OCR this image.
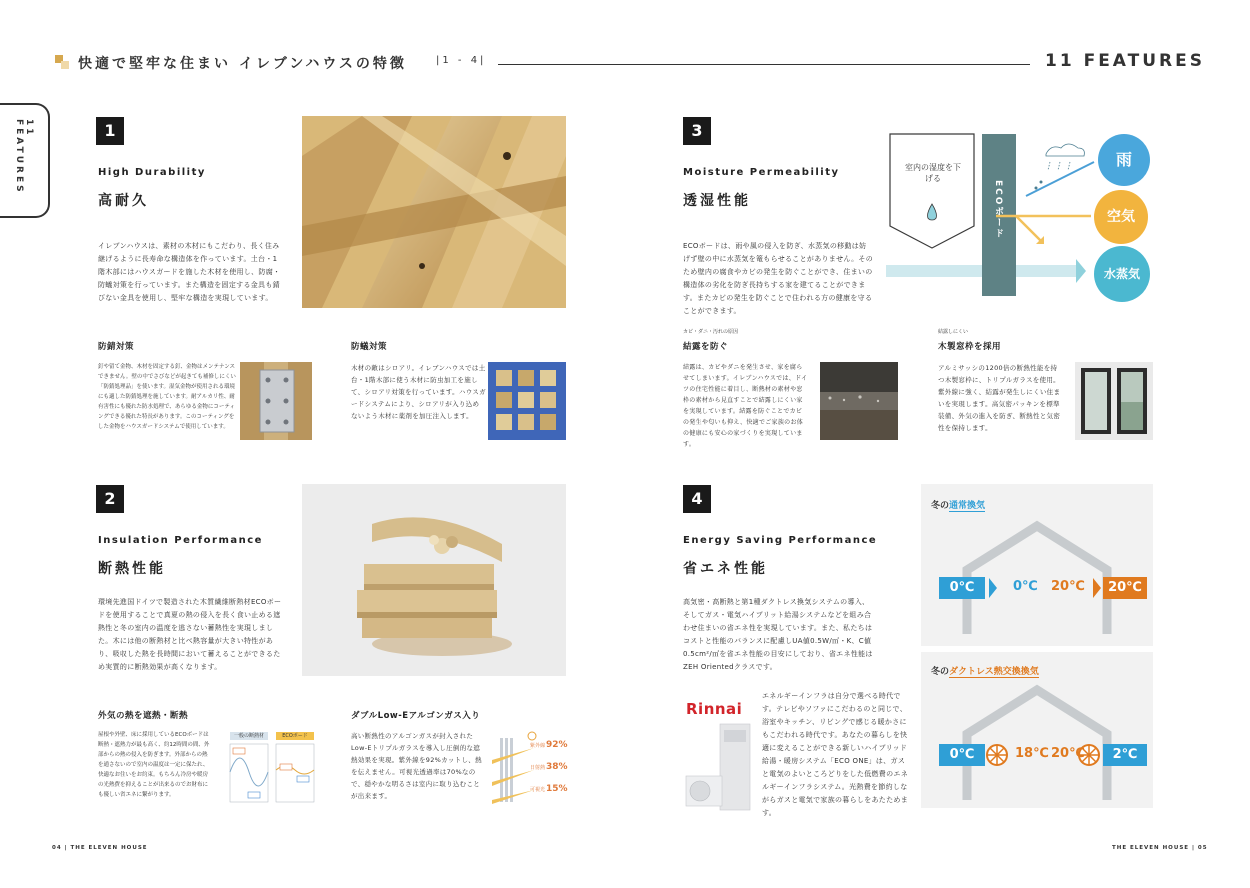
快適で堅牢な住まい イレブンハウスの特徴	|1 - 4|	11 FEATURES
11 FEATURES	1
High Durability
高耐久
イレブンハウスは、素材の木材にもこだわり、長く住み継げるように長寿命な構造体を作っています。土台・1階木部にはハウスガードを施した木材を使用し、防腐・防蟻対策を行っています。また構造を固定する金具も錆びない金具を使用し、堅牢な構造を実現しています。
防錆対策
釘や留て金物、木材を固定する釘、金物はメンテナンスできません。壁の中でさびなどが起きても補修しにくい「防錆処理品」を使います。湿気金物が使用される環境にも適した防錆処理を施しています。耐アルカリ性、耐有害性にも優れた防水処理で、あらゆる金物にコーティングできる優れた特長があります。このコーティングをした金物をハウスガードシステムで使用しています。
防蟻対策
木材の敵はシロアリ。イレブンハウスでは土台・1階木部に使う木材に防虫加工を施して、シロアリ対策を行っています。ハウスガードシステムにより、シロアリが入り込めないよう木材に薬剤を加圧注入します。
2
Insulation Performance
断熱性能
環境先進国ドイツで製造された木質繊維断熱材ECOボードを使用することで真夏の熱の侵入を長く食い止める遮熱性と冬の室内の温度を逃さない蓄熱性を実現しました。木には他の断熱材と比べ熱容量が大きい特性があり、吸収した熱を長時間において蓄えることができるため実質的に断熱効果が高くなります。
外気の熱を遮熱・断熱
屋根や外壁、床に採用しているECOボードは断熱・遮熱力が最も高く、約12時間の間、外部からの熱の侵入を防ぎます。外部からの熱を通さないので室内の温度は一定に保たれ、快適なお住いをお約束。もちろん冷房や暖房の光熱費を抑えることが出来るのでお財布にも優しい省エネに繋がります。
一般の断熱材	ECOボード
ダブルLow-Eアルゴンガス入り
高い断熱性のアルゴンガスが封入されたLow-Eトリプルガラスを導入し圧倒的な遮熱効果を実現。紫外線を92%カットし、熱を伝えません。可視光透過率は70%なので、穏やかな明るさは室内に取り込むことが出来ます。
紫外線 92%
日射熱 38%
可視光 15%
3
Moisture Permeability
透湿性能
ECOボードは、雨や風の侵入を防ぎ、水蒸気の移動は妨げず壁の中に水蒸気を篭もらせることがありません。そのため壁内の腐食やカビの発生を防ぐことができ、住まいの構造体の劣化を防ぎ長持ちする家を建てることができます。またカビの発生を防ぐことで住われる方の健康を守ることができます。
室内の湿度を下げる
ECOボード
雨
空気
水蒸気
カビ・ダニ・汚れの原因
結露を防ぐ
結露は、カビやダニを発生させ、家を腐らせてしまいます。イレブンハウスでは、ドイツの住宅性能に着目し、断熱材の素材や窓枠の素材から見直すことで結露しにくい家を実現しています。結露を防ぐことでカビの発生や匂いも抑え、快適でご家族のお体の健康にも安心の家づくりを実現しています。
結露しにくい
木製窓枠を採用
アルミサッシの1200倍の断熱性能を持つ木製窓枠に、トリプルガラスを使用。紫外線に強く、結露が発生しにくい住まいを実現します。高気密パッキンを標準装備、外気の進入を防ぎ、断熱性と気密性を保持します。
4
Energy Saving Performance
省エネ性能
高気密・高断熱と第1種ダクトレス換気システムの導入、そしてガス・電気ハイブリット給湯システムなどを組み合わせ住まいの省エネ性を実現しています。また、私たちはコストと性能のバランスに配慮しUA値0.5W/㎡・K、C値0.5cm²/㎡を省エネ性能の目安にしており、省エネ性能はZEH Orientedクラスです。
Rinnai
エネルギーインフラは自分で選べる時代です。テレビやソファにこだわるのと同じで、浴室やキッチン、リビングで感じる暖かさにもこだわれる時代です。あなたの暮らしを快適に変えることができる新しいハイブリッド給湯・暖房システム「ECO ONE」は、ガスと電気のよいところどりをした低燃費のエネルギーインフラシステム。光熱費を節約しながらガスと電気で家族の暮らしをあたためます。
冬の通常換気
0℃	0℃ 20℃	20℃
冬のダクトレス熱交換換気
0℃	18℃ 20℃	2℃
04 | THE ELEVEN HOUSE	THE ELEVEN HOUSE | 05
